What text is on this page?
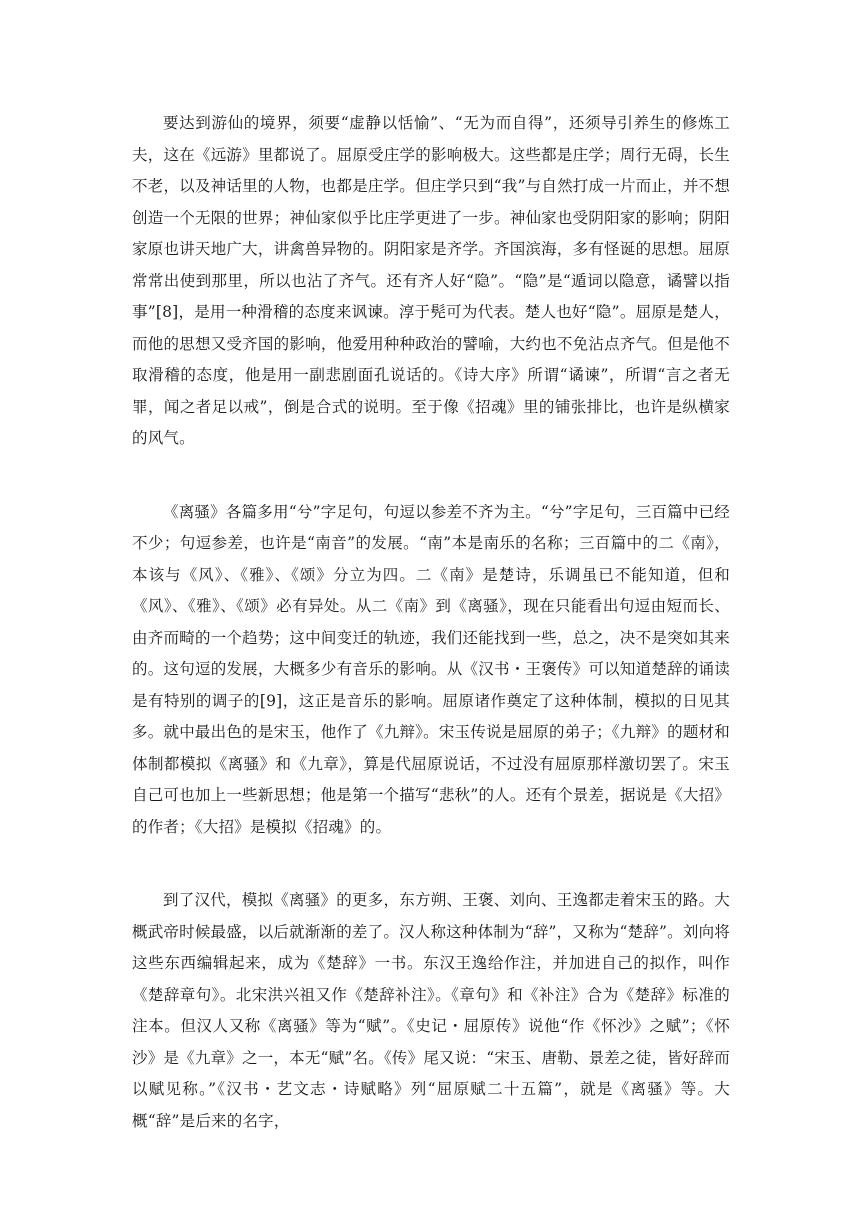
要达到游仙的境界，须要“虚静以恬愉”、“无为而自得”，还须导引养生的修炼工夫，这在《远游》里都说了。屈原受庄学的影响极大。这些都是庄学；周行无碍，长生不老，以及神话里的人物，也都是庄学。但庄学只到“我”与自然打成一片而止，并不想创造一个无限的世界；神仙家似乎比庄学更进了一步。神仙家也受阴阳家的影响；阴阳家原也讲天地广大，讲禽兽异物的。阴阳家是齐学。齐国滨海，多有怪诞的思想。屈原常常出使到那里，所以也沾了齐气。还有齐人好“隐”。“隐”是“遁词以隐意，谲譬以指事”[8]，是用一种滑稽的态度来讽谏。淳于髡可为代表。楚人也好“隐”。屈原是楚人，而他的思想又受齐国的影响，他爱用种种政治的譬喻，大约也不免沾点齐气。但是他不取滑稽的态度，他是用一副悲剧面孔说话的。《诗大序》所谓“谲谏”，所谓“言之者无罪，闻之者足以戒”，倒是合式的说明。至于像《招魂》里的铺张排比，也许是纵横家的风气。

《离骚》各篇多用“兮”字足句，句逗以参差不齐为主。“兮”字足句，三百篇中已经不少；句逗参差，也许是“南音”的发展。“南”本是南乐的名称；三百篇中的二《南》，本该与《风》、《雅》、《颂》分立为四。二《南》是楚诗，乐调虽已不能知道，但和《风》、《雅》、《颂》必有异处。从二《南》到《离骚》，现在只能看出句逗由短而长、由齐而畸的一个趋势；这中间变迁的轨迹，我们还能找到一些，总之，决不是突如其来的。这句逗的发展，大概多少有音乐的影响。从《汉书・王褒传》可以知道楚辞的诵读是有特别的调子的[9]，这正是音乐的影响。屈原诸作奠定了这种体制，模拟的日见其多。就中最出色的是宋玉，他作了《九辩》。宋玉传说是屈原的弟子；《九辩》的题材和体制都模拟《离骚》和《九章》，算是代屈原说话，不过没有屈原那样激切罢了。宋玉自己可也加上一些新思想；他是第一个描写“悲秋”的人。还有个景差，据说是《大招》的作者；《大招》是模拟《招魂》的。

到了汉代，模拟《离骚》的更多，东方朔、王褒、刘向、王逸都走着宋玉的路。大概武帝时候最盛，以后就渐渐的差了。汉人称这种体制为“辞”，又称为“楚辞”。刘向将这些东西编辑起来，成为《楚辞》一书。东汉王逸给作注，并加进自己的拟作，叫作《楚辞章句》。北宋洪兴祖又作《楚辞补注》。《章句》和《补注》合为《楚辞》标准的注本。但汉人又称《离骚》等为“赋”。《史记・屈原传》说他“作《怀沙》之赋”；《怀沙》是《九章》之一，本无“赋”名。《传》尾又说：“宋玉、唐勒、景差之徒，皆好辞而以赋见称。”《汉书・艺文志・诗赋略》列“屈原赋二十五篇”，就是《离骚》等。大概“辞”是后来的名字，
